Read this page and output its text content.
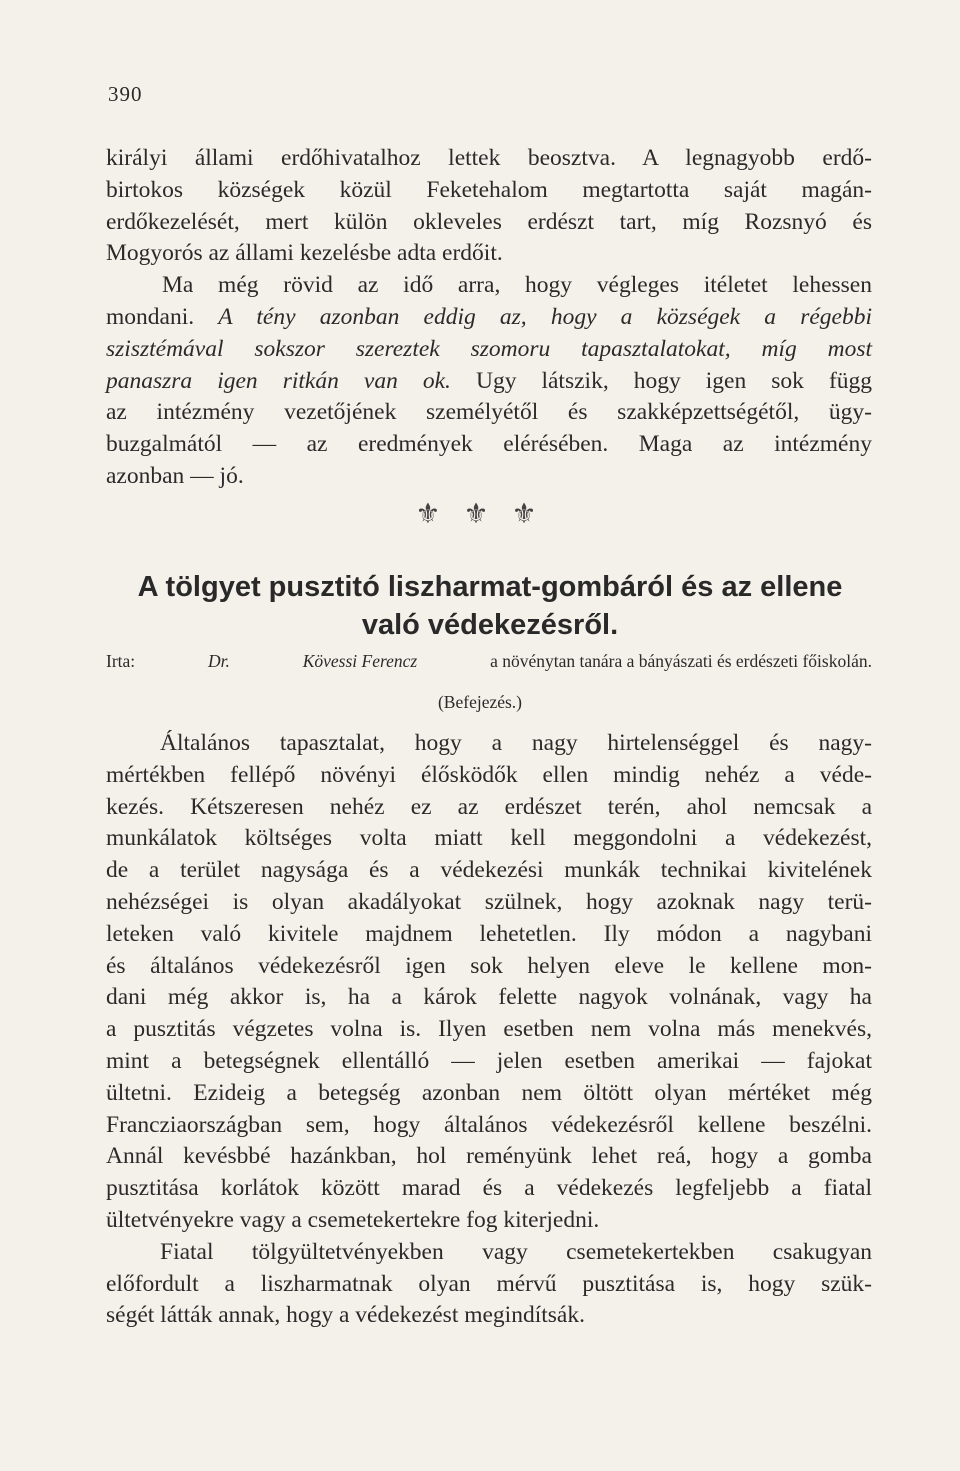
390
királyi állami erdőhivatalhoz lettek beosztva. A legnagyobb erdő-
birtokos községek közül Feketehalom megtartotta saját magán-
erdőkezelését, mert külön okleveles erdészt tart, míg Rozsnyó és
Mogyorós az állami kezelésbe adta erdőit.
Ma még rövid az idő arra, hogy végleges itéletet lehessen
mondani. A tény azonban eddig az, hogy a községek a régebbi
szisztémával sokszor szereztek szomoru tapasztalatokat, míg most
panaszra igen ritkán van ok. Ugy látszik, hogy igen sok függ
az intézmény vezetőjének személyétől és szakképzettségétől, ügy-
buzgalmától — az eredmények elérésében. Maga az intézmény
azonban — jó.
⚜ ⚜ ⚜
A tölgyet pusztitó liszharmat-gombáról és az ellene
való védekezésről.
Irta:	Dr.	Kövessi Ferencz	a növénytan tanára a bányászati és erdészeti főiskolán.
(Befejezés.)
Általános tapasztalat, hogy a nagy hirtelenséggel és nagy-
mértékben fellépő növényi élősködők ellen mindig nehéz a véde-
kezés. Kétszeresen nehéz ez az erdészet terén, ahol nemcsak a
munkálatok költséges volta miatt kell meggondolni a védekezést,
de a terület nagysága és a védekezési munkák technikai kivitelének
nehézségei is olyan akadályokat szülnek, hogy azoknak nagy terü-
leteken való kivitele majdnem lehetetlen. Ily módon a nagybani
és általános védekezésről igen sok helyen eleve le kellene mon-
dani még akkor is, ha a károk felette nagyok volnának, vagy ha
a pusztitás végzetes volna is. Ilyen esetben nem volna más menekvés,
mint a betegségnek ellentálló — jelen esetben amerikai — fajokat
ültetni. Ezideig a betegség azonban nem öltött olyan mértéket még
Francziaországban sem, hogy általános védekezésről kellene beszélni.
Annál kevésbbé hazánkban, hol reményünk lehet reá, hogy a gomba
pusztitása korlátok között marad és a védekezés legfeljebb a fiatal
ültetvényekre vagy a csemetekertekre fog kiterjedni.
Fiatal tölgyültetvényekben vagy csemetekertekben csakugyan
előfordult a liszharmatnak olyan mérvű pusztitása is, hogy szük-
ségét látták annak, hogy a védekezést megindítsák.
